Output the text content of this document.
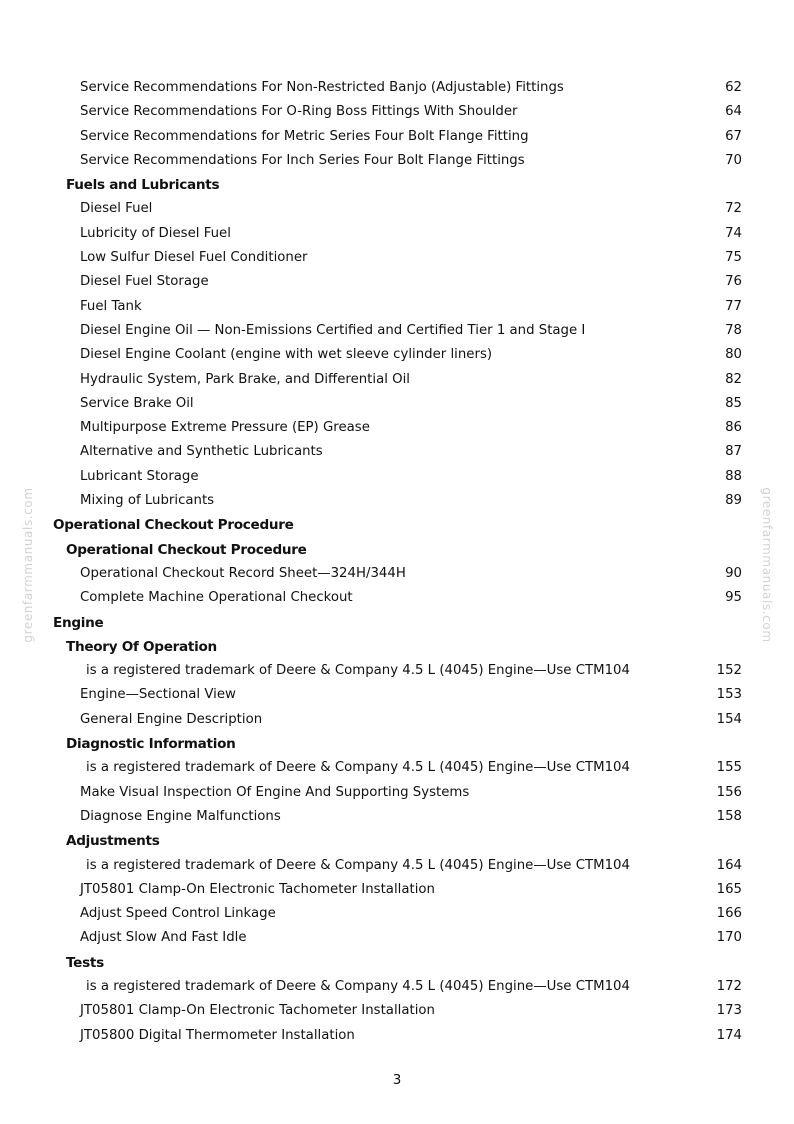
greenfarmmanuals.com	greenfarmmanuals.com
Service Recommendations For Non-Restricted Banjo (Adjustable) Fittings	62
Service Recommendations For O-Ring Boss Fittings With Shoulder	64
Service Recommendations for Metric Series Four Bolt Flange Fitting	67
Service Recommendations For Inch Series Four Bolt Flange Fittings	70
Fuels and Lubricants
Diesel Fuel	72
Lubricity of Diesel Fuel	74
Low Sulfur Diesel Fuel Conditioner	75
Diesel Fuel Storage	76
Fuel Tank	77
Diesel Engine Oil — Non-Emissions Certified and Certified Tier 1 and Stage I	78
Diesel Engine Coolant (engine with wet sleeve cylinder liners)	80
Hydraulic System, Park Brake, and Differential Oil	82
Service Brake Oil	85
Multipurpose Extreme Pressure (EP) Grease	86
Alternative and Synthetic Lubricants	87
Lubricant Storage	88
Mixing of Lubricants	89
Operational Checkout Procedure
Operational Checkout Procedure
Operational Checkout Record Sheet—324H/344H	90
Complete Machine Operational Checkout	95
Engine
Theory Of Operation
is a registered trademark of Deere & Company 4.5 L (4045) Engine—Use CTM104	152
Engine—Sectional View	153
General Engine Description	154
Diagnostic Information
is a registered trademark of Deere & Company 4.5 L (4045) Engine—Use CTM104	155
Make Visual Inspection Of Engine And Supporting Systems	156
Diagnose Engine Malfunctions	158
Adjustments
is a registered trademark of Deere & Company 4.5 L (4045) Engine—Use CTM104	164
JT05801 Clamp-On Electronic Tachometer Installation	165
Adjust Speed Control Linkage	166
Adjust Slow And Fast Idle	170
Tests
is a registered trademark of Deere & Company 4.5 L (4045) Engine—Use CTM104	172
JT05801 Clamp-On Electronic Tachometer Installation	173
JT05800 Digital Thermometer Installation	174
3
